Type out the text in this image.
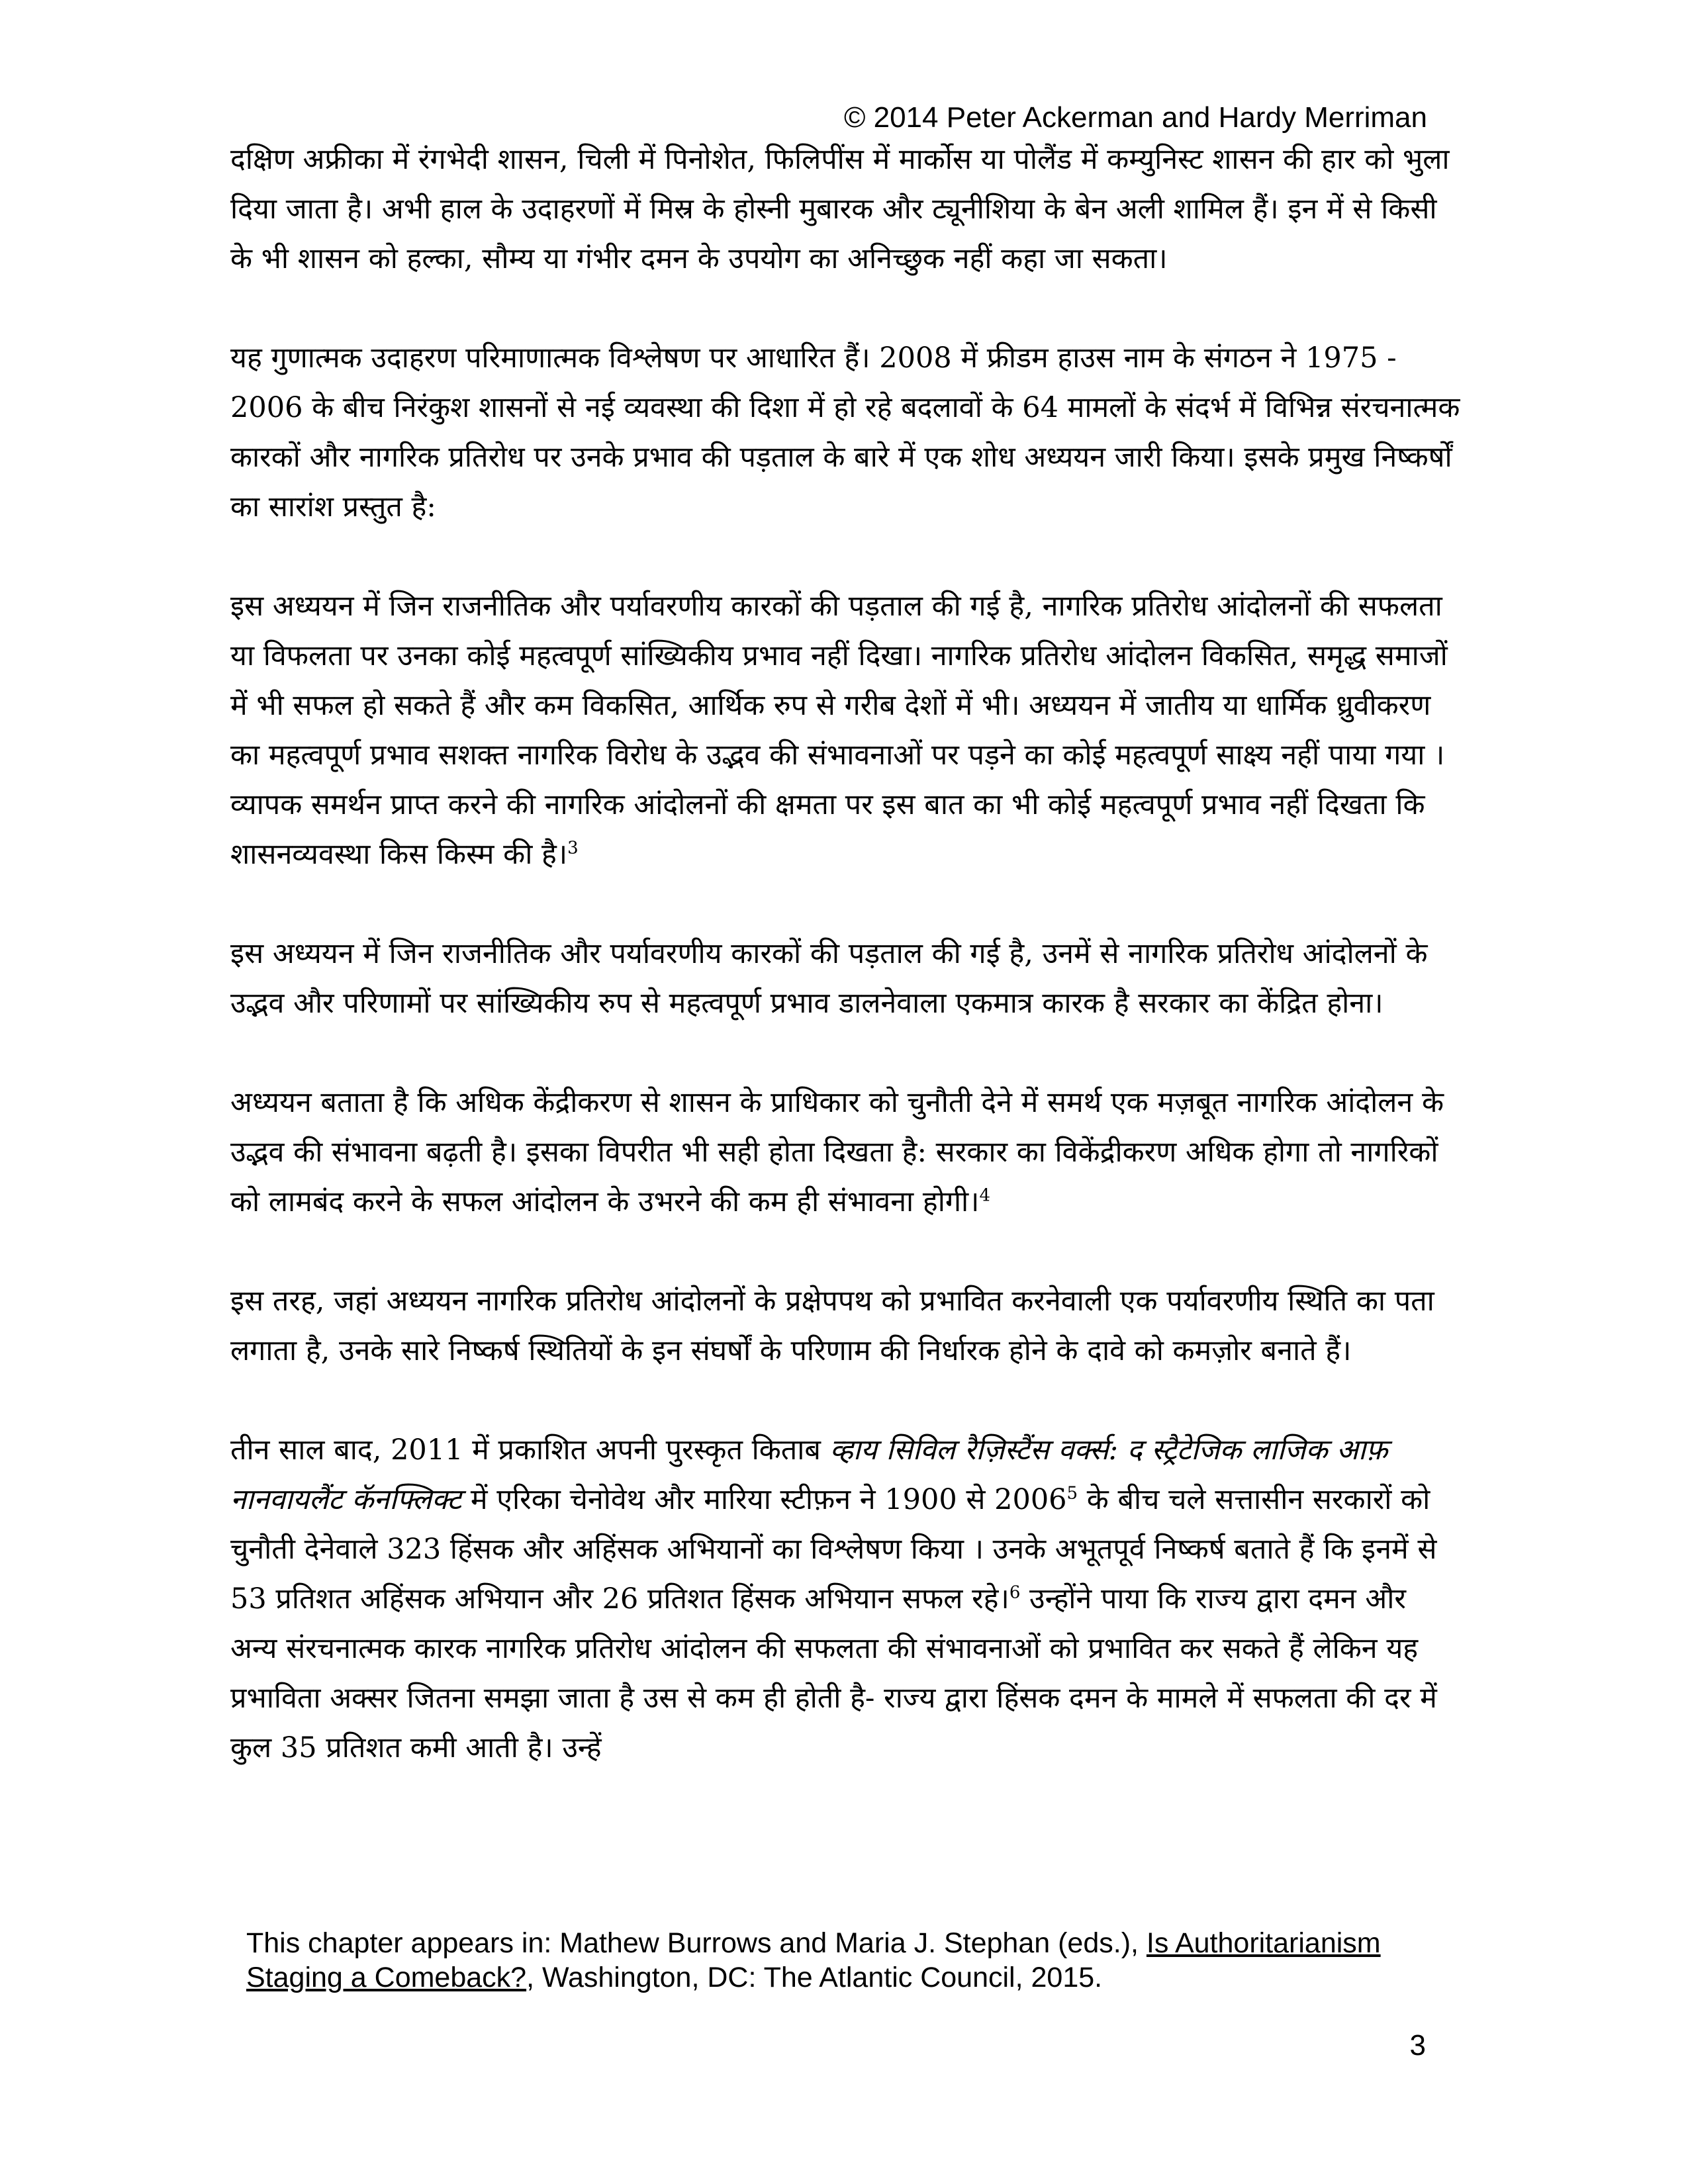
© 2014 Peter Ackerman and Hardy Merriman

दक्षिण अफ्रीका में रंगभेदी शासन, चिली में पिनोशेत, फिलिपींस में मार्कोस या पोलैंड में कम्युनिस्ट शासन की हार को भुला दिया जाता है। अभी हाल के उदाहरणों में मिस्र के होस्नी मुबारक और ट्यूनीशिया के बेन अली शामिल हैं। इन में से किसी के भी शासन को हल्का, सौम्य या गंभीर दमन के उपयोग का अनिच्छुक नहीं कहा जा सकता।

यह गुणात्मक उदाहरण परिमाणात्मक विश्लेषण पर आधारित हैं। 2008 में फ्रीडम हाउस नाम के संगठन ने 1975 - 2006 के बीच निरंकुश शासनों से नई व्यवस्था की दिशा में हो रहे बदलावों के 64 मामलों के संदर्भ में विभिन्न संरचनात्मक कारकों और नागरिक प्रतिरोध पर उनके प्रभाव की पड़ताल के बारे में एक शोध अध्ययन जारी किया। इसके प्रमुख निष्कर्षों का सारांश प्रस्तुत है:

इस अध्ययन में जिन राजनीतिक और पर्यावरणीय कारकों की पड़ताल की गई है, नागरिक प्रतिरोध आंदोलनों की सफलता या विफलता पर उनका कोई महत्वपूर्ण सांख्यिकीय प्रभाव नहीं दिखा। नागरिक प्रतिरोध आंदोलन विकसित, समृद्ध समाजों में भी सफल हो सकते हैं और कम विकसित, आर्थिक रुप से गरीब देशों में भी। अध्ययन में जातीय या धार्मिक ध्रुवीकरण का महत्वपूर्ण प्रभाव सशक्त नागरिक विरोध के उद्भव की संभावनाओं पर पड़ने का कोई महत्वपूर्ण साक्ष्य नहीं पाया गया । व्यापक समर्थन प्राप्त करने की नागरिक आंदोलनों की क्षमता पर इस बात का भी कोई महत्वपूर्ण प्रभाव नहीं दिखता कि शासनव्यवस्था किस किस्म की है।$^3$

इस अध्ययन में जिन राजनीतिक और पर्यावरणीय कारकों की पड़ताल की गई है, उनमें से नागरिक प्रतिरोध आंदोलनों के उद्भव और परिणामों पर सांख्यिकीय रुप से महत्वपूर्ण प्रभाव डालनेवाला एकमात्र कारक है सरकार का केंद्रित होना।

अध्ययन बताता है कि अधिक केंद्रीकरण से शासन के प्राधिकार को चुनौती देने में समर्थ एक मज़बूत नागरिक आंदोलन के उद्भव की संभावना बढ़ती है। इसका विपरीत भी सही होता दिखता है: सरकार का विकेंद्रीकरण अधिक होगा तो नागरिकों को लामबंद करने के सफल आंदोलन के उभरने की कम ही संभावना होगी।$^4$

इस तरह, जहां अध्ययन नागरिक प्रतिरोध आंदोलनों के प्रक्षेपपथ को प्रभावित करनेवाली एक पर्यावरणीय स्थिति का पता लगाता है, उनके सारे निष्कर्ष स्थितियों के इन संघर्षों के परिणाम की निर्धारक होने के दावे को कमज़ोर बनाते हैं।

तीन साल बाद, 2011 में प्रकाशित अपनी पुरस्कृत किताब व्हाय सिविल रैज़िस्टैंस वर्क्स: द स्ट्रैटेजिक लाजिक आफ़ नानवायलैंट कॅनफ्लिक्ट में एरिका चेनोवेथ और मारिया स्टीफ़न ने 1900 से 2006$^5$ के बीच चले सत्तासीन सरकारों को चुनौती देनेवाले 323 हिंसक और अहिंसक अभियानों का विश्लेषण किया । उनके अभूतपूर्व निष्कर्ष बताते हैं कि इनमें से 53 प्रतिशत अहिंसक अभियान और 26 प्रतिशत हिंसक अभियान सफल रहे।$^6$ उन्होंने पाया कि राज्य द्वारा दमन और अन्य संरचनात्मक कारक नागरिक प्रतिरोध आंदोलन की सफलता की संभावनाओं को प्रभावित कर सकते हैं लेकिन यह प्रभाविता अक्सर जितना समझा जाता है उस से कम ही होती है- राज्य द्वारा हिंसक दमन के मामले में सफलता की दर में कुल 35 प्रतिशत कमी आती है। उन्हें

This chapter appears in: Mathew Burrows and Maria J. Stephan (eds.), Is Authoritarianism Staging a Comeback?, Washington, DC: The Atlantic Council, 2015.
3
